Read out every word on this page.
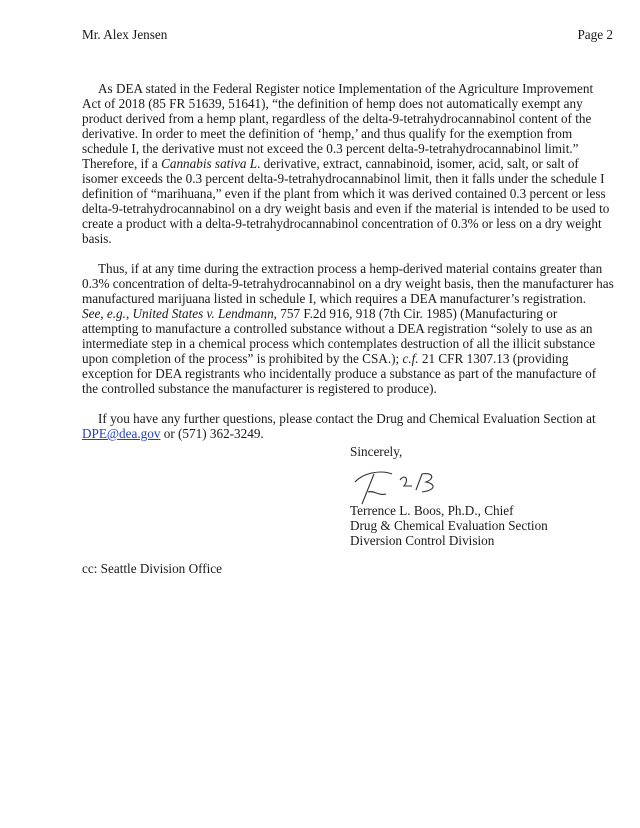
Mr. Alex Jensen	Page 2
As DEA stated in the Federal Register notice Implementation of the Agriculture Improvement
Act of 2018 (85 FR 51639, 51641), “the definition of hemp does not automatically exempt any
product derived from a hemp plant, regardless of the delta-9-tetrahydrocannabinol content of the
derivative. In order to meet the definition of ‘hemp,’ and thus qualify for the exemption from
schedule I, the derivative must not exceed the 0.3 percent delta-9-tetrahydrocannabinol limit.”
Therefore, if a Cannabis sativa L. derivative, extract, cannabinoid, isomer, acid, salt, or salt of
isomer exceeds the 0.3 percent delta-9-tetrahydrocannabinol limit, then it falls under the schedule I
definition of “marihuana,” even if the plant from which it was derived contained 0.3 percent or less
delta-9-tetrahydrocannabinol on a dry weight basis and even if the material is intended to be used to
create a product with a delta-9-tetrahydrocannabinol concentration of 0.3% or less on a dry weight
basis.
Thus, if at any time during the extraction process a hemp-derived material contains greater than
0.3% concentration of delta-9-tetrahydrocannabinol on a dry weight basis, then the manufacturer has
manufactured marijuana listed in schedule I, which requires a DEA manufacturer’s registration.
See, e.g., United States v. Lendmann, 757 F.2d 916, 918 (7th Cir. 1985) (Manufacturing or
attempting to manufacture a controlled substance without a DEA registration “solely to use as an
intermediate step in a chemical process which contemplates destruction of all the illicit substance
upon completion of the process” is prohibited by the CSA.); c.f. 21 CFR 1307.13 (providing
exception for DEA registrants who incidentally produce a substance as part of the manufacture of
the controlled substance the manufacturer is registered to produce).
If you have any further questions, please contact the Drug and Chemical Evaluation Section at
DPE@dea.gov or (571) 362-3249.
Sincerely,
Terrence L. Boos, Ph.D., Chief
Drug & Chemical Evaluation Section
Diversion Control Division
cc: Seattle Division Office
